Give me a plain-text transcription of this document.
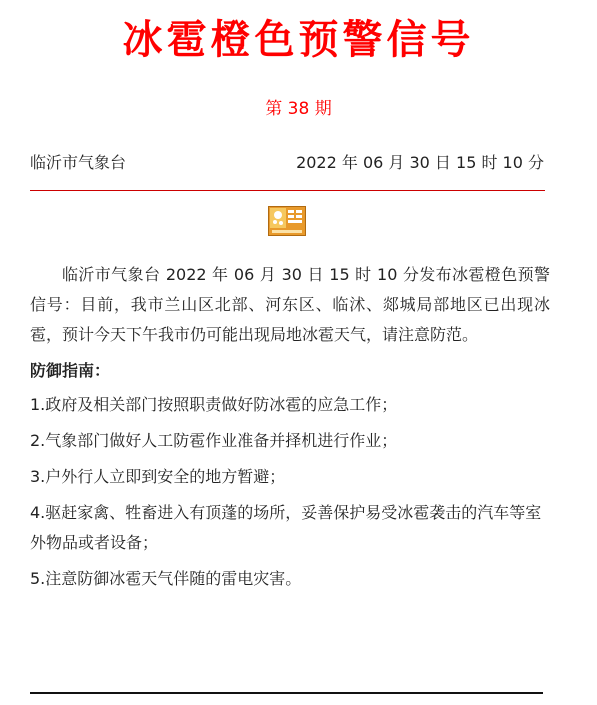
冰雹橙色预警信号
第 38 期
临沂市气象台	2022 年 06 月 30 日 15 时 10 分

临沂市气象台 2022 年 06 月 30 日 15 时 10 分发布冰雹橙色预警信号：目前，我市兰山区北部、河东区、临沭、郯城局部地区已出现冰雹，预计今天下午我市仍可能出现局地冰雹天气，请注意防范。

防御指南：
1.政府及相关部门按照职责做好防冰雹的应急工作；
2.气象部门做好人工防雹作业准备并择机进行作业；
3.户外行人立即到安全的地方暂避；
4.驱赶家禽、牲畜进入有顶蓬的场所，妥善保护易受冰雹袭击的汽车等室外物品或者设备；
5.注意防御冰雹天气伴随的雷电灾害。
